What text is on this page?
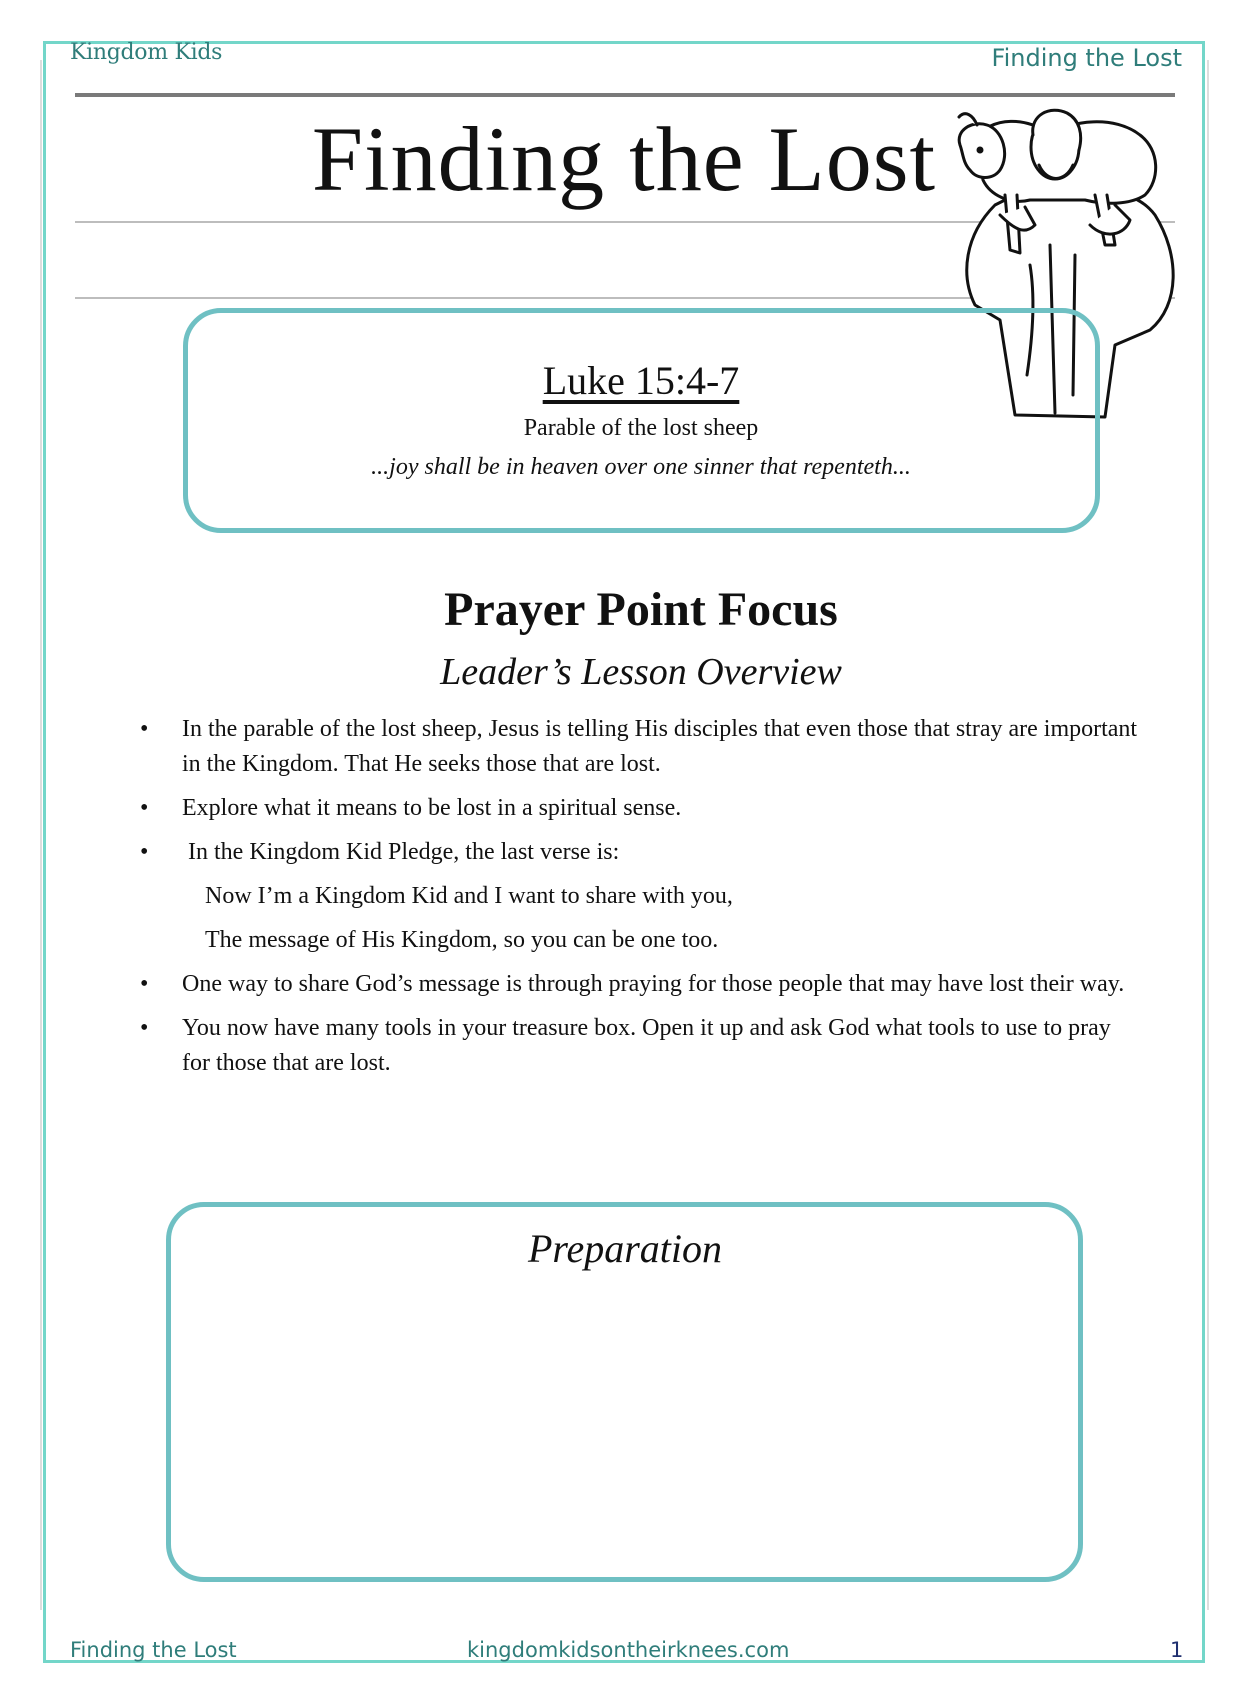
Kingdom Kids	Finding the Lost
Finding the Lost
Luke 15:4-7
Parable of the lost sheep
...joy shall be in heaven over one sinner that repenteth...
Prayer Point Focus
Leader’s Lesson Overview
• In the parable of the lost sheep, Jesus is telling His disciples that even those that stray are important in the Kingdom. That He seeks those that are lost.
• Explore what it means to be lost in a spiritual sense.
• In the Kingdom Kid Pledge, the last verse is:
Now I’m a Kingdom Kid and I want to share with you,
The message of His Kingdom, so you can be one too.
• One way to share God’s message is through praying for those people that may have lost their way.
• You now have many tools in your treasure box. Open it up and ask God what tools to use to pray for those that are lost.
Preparation
Finding the Lost	kingdomkidsontheirknees.com	1
